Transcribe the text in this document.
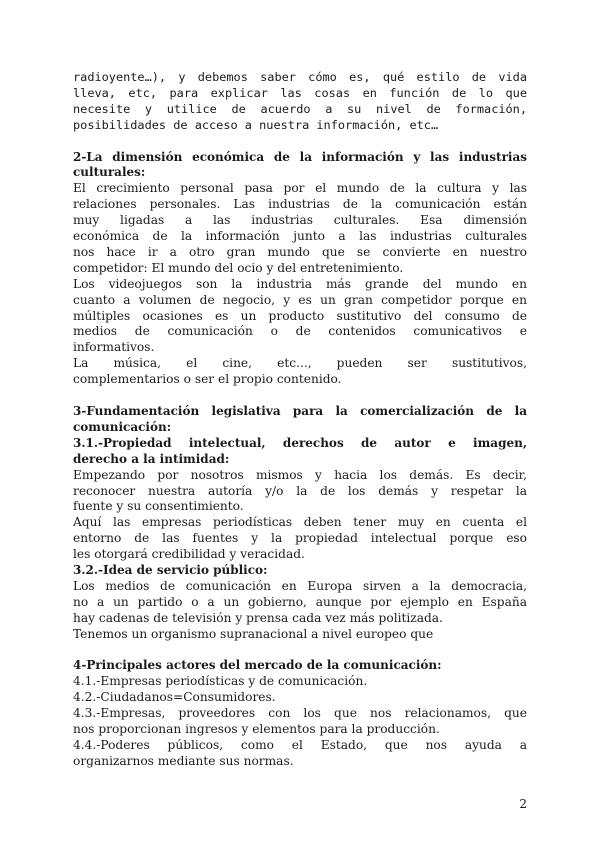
radioyente…), y debemos saber cómo es, qué estilo de vida
lleva, etc, para explicar las cosas en función de lo que
necesite y utilice de acuerdo a su nivel de formación,
posibilidades de acceso a nuestra información, etc…
2-La dimensión económica de la información y las industrias
culturales:
El crecimiento personal pasa por el mundo de la cultura y las
relaciones personales. Las industrias de la comunicación están
muy ligadas a las industrias culturales. Esa dimensión
económica de la información junto a las industrias culturales
nos hace ir a otro gran mundo que se convierte en nuestro
competidor: El mundo del ocio y del entretenimiento.
Los videojuegos son la industria más grande del mundo en
cuanto a volumen de negocio, y es un gran competidor porque en
múltiples ocasiones es un producto sustitutivo del consumo de
medios de comunicación o de contenidos comunicativos e
informativos.
La música, el cine, etc..., pueden ser sustitutivos,
complementarios o ser el propio contenido.
3-Fundamentación legislativa para la comercialización de la
comunicación:
3.1.-Propiedad intelectual, derechos de autor e imagen,
derecho a la intimidad:
Empezando por nosotros mismos y hacia los demás. Es decir,
reconocer nuestra autoría y/o la de los demás y respetar la
fuente y su consentimiento.
Aquí las empresas periodísticas deben tener muy en cuenta el
entorno de las fuentes y la propiedad intelectual porque eso
les otorgará credibilidad y veracidad.
3.2.-Idea de servicio público:
Los medios de comunicación en Europa sirven a la democracia,
no a un partido o a un gobierno, aunque por ejemplo en España
hay cadenas de televisión y prensa cada vez más politizada.
Tenemos un organismo supranacional a nivel europeo que
4-Principales actores del mercado de la comunicación:
4.1.-Empresas periodísticas y de comunicación.
4.2.-Ciudadanos=Consumidores.
4.3.-Empresas, proveedores con los que nos relacionamos, que
nos proporcionan ingresos y elementos para la producción.
4.4.-Poderes públicos, como el Estado, que nos ayuda a
organizarnos mediante sus normas.
2
